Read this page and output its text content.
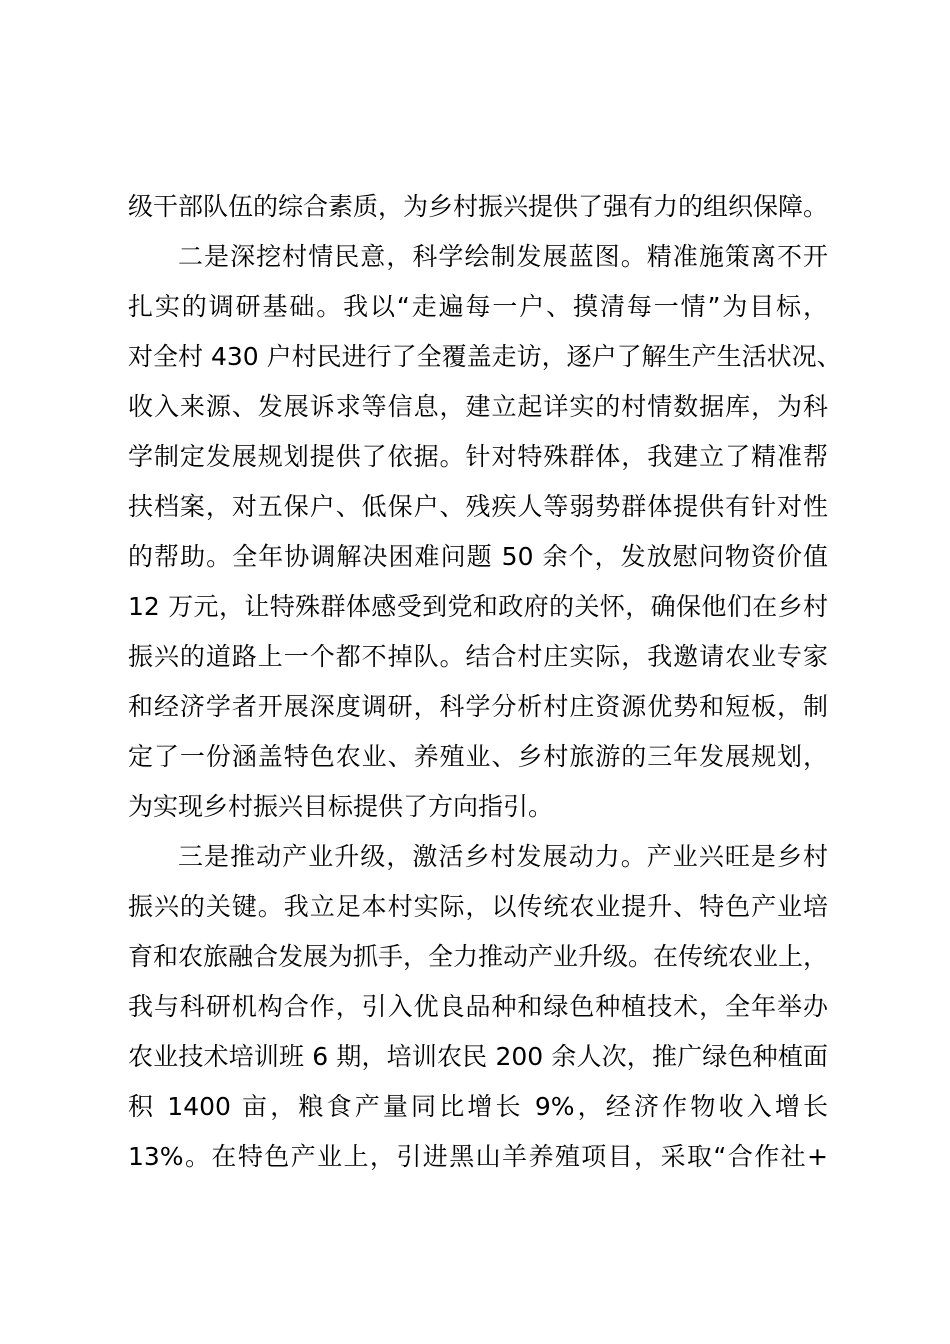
级干部队伍的综合素质，为乡村振兴提供了强有力的组织保障。
二是深挖村情民意，科学绘制发展蓝图。精准施策离不开
扎实的调研基础。我以“走遍每一户、摸清每一情”为目标，
对全村 430 户村民进行了全覆盖走访，逐户了解生产生活状况、
收入来源、发展诉求等信息，建立起详实的村情数据库，为科
学制定发展规划提供了依据。针对特殊群体，我建立了精准帮
扶档案，对五保户、低保户、残疾人等弱势群体提供有针对性
的帮助。全年协调解决困难问题 50 余个，发放慰问物资价值
12 万元，让特殊群体感受到党和政府的关怀，确保他们在乡村
振兴的道路上一个都不掉队。结合村庄实际，我邀请农业专家
和经济学者开展深度调研，科学分析村庄资源优势和短板，制
定了一份涵盖特色农业、养殖业、乡村旅游的三年发展规划，
为实现乡村振兴目标提供了方向指引。
三是推动产业升级，激活乡村发展动力。产业兴旺是乡村
振兴的关键。我立足本村实际，以传统农业提升、特色产业培
育和农旅融合发展为抓手，全力推动产业升级。在传统农业上，
我与科研机构合作，引入优良品种和绿色种植技术，全年举办
农业技术培训班 6 期，培训农民 200 余人次，推广绿色种植面
积 1400 亩，粮食产量同比增长 9%，经济作物收入增长
13%。在特色产业上，引进黑山羊养殖项目，采取“合作社+
